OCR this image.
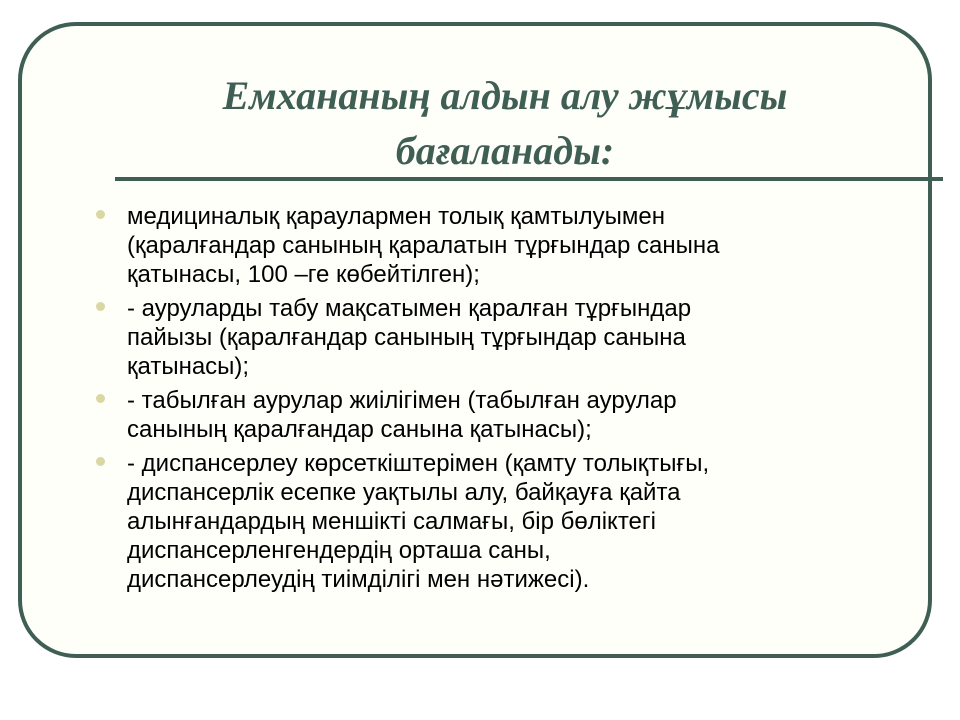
Емхананың алдын алу жұмысы
бағаланады:
медициналық қараулармен толық қамтылуымен
(қаралғандар санының қаралатын тұрғындар санына
қатынасы, 100 –ге көбейтілген);
- ауруларды табу мақсатымен қаралған тұрғындар
пайызы (қаралғандар санының тұрғындар санына
қатынасы);
- табылған аурулар жиілігімен (табылған аурулар
санының қаралғандар санына қатынасы);
- диспансерлеу көрсеткіштерімен (қамту толықтығы,
диспансерлік есепке уақтылы алу, байқауға қайта
алынғандардың меншікті салмағы, бір бөліктегі
диспансерленгендердің орташа саны,
диспансерлеудің тиімділігі мен нәтижесі).
